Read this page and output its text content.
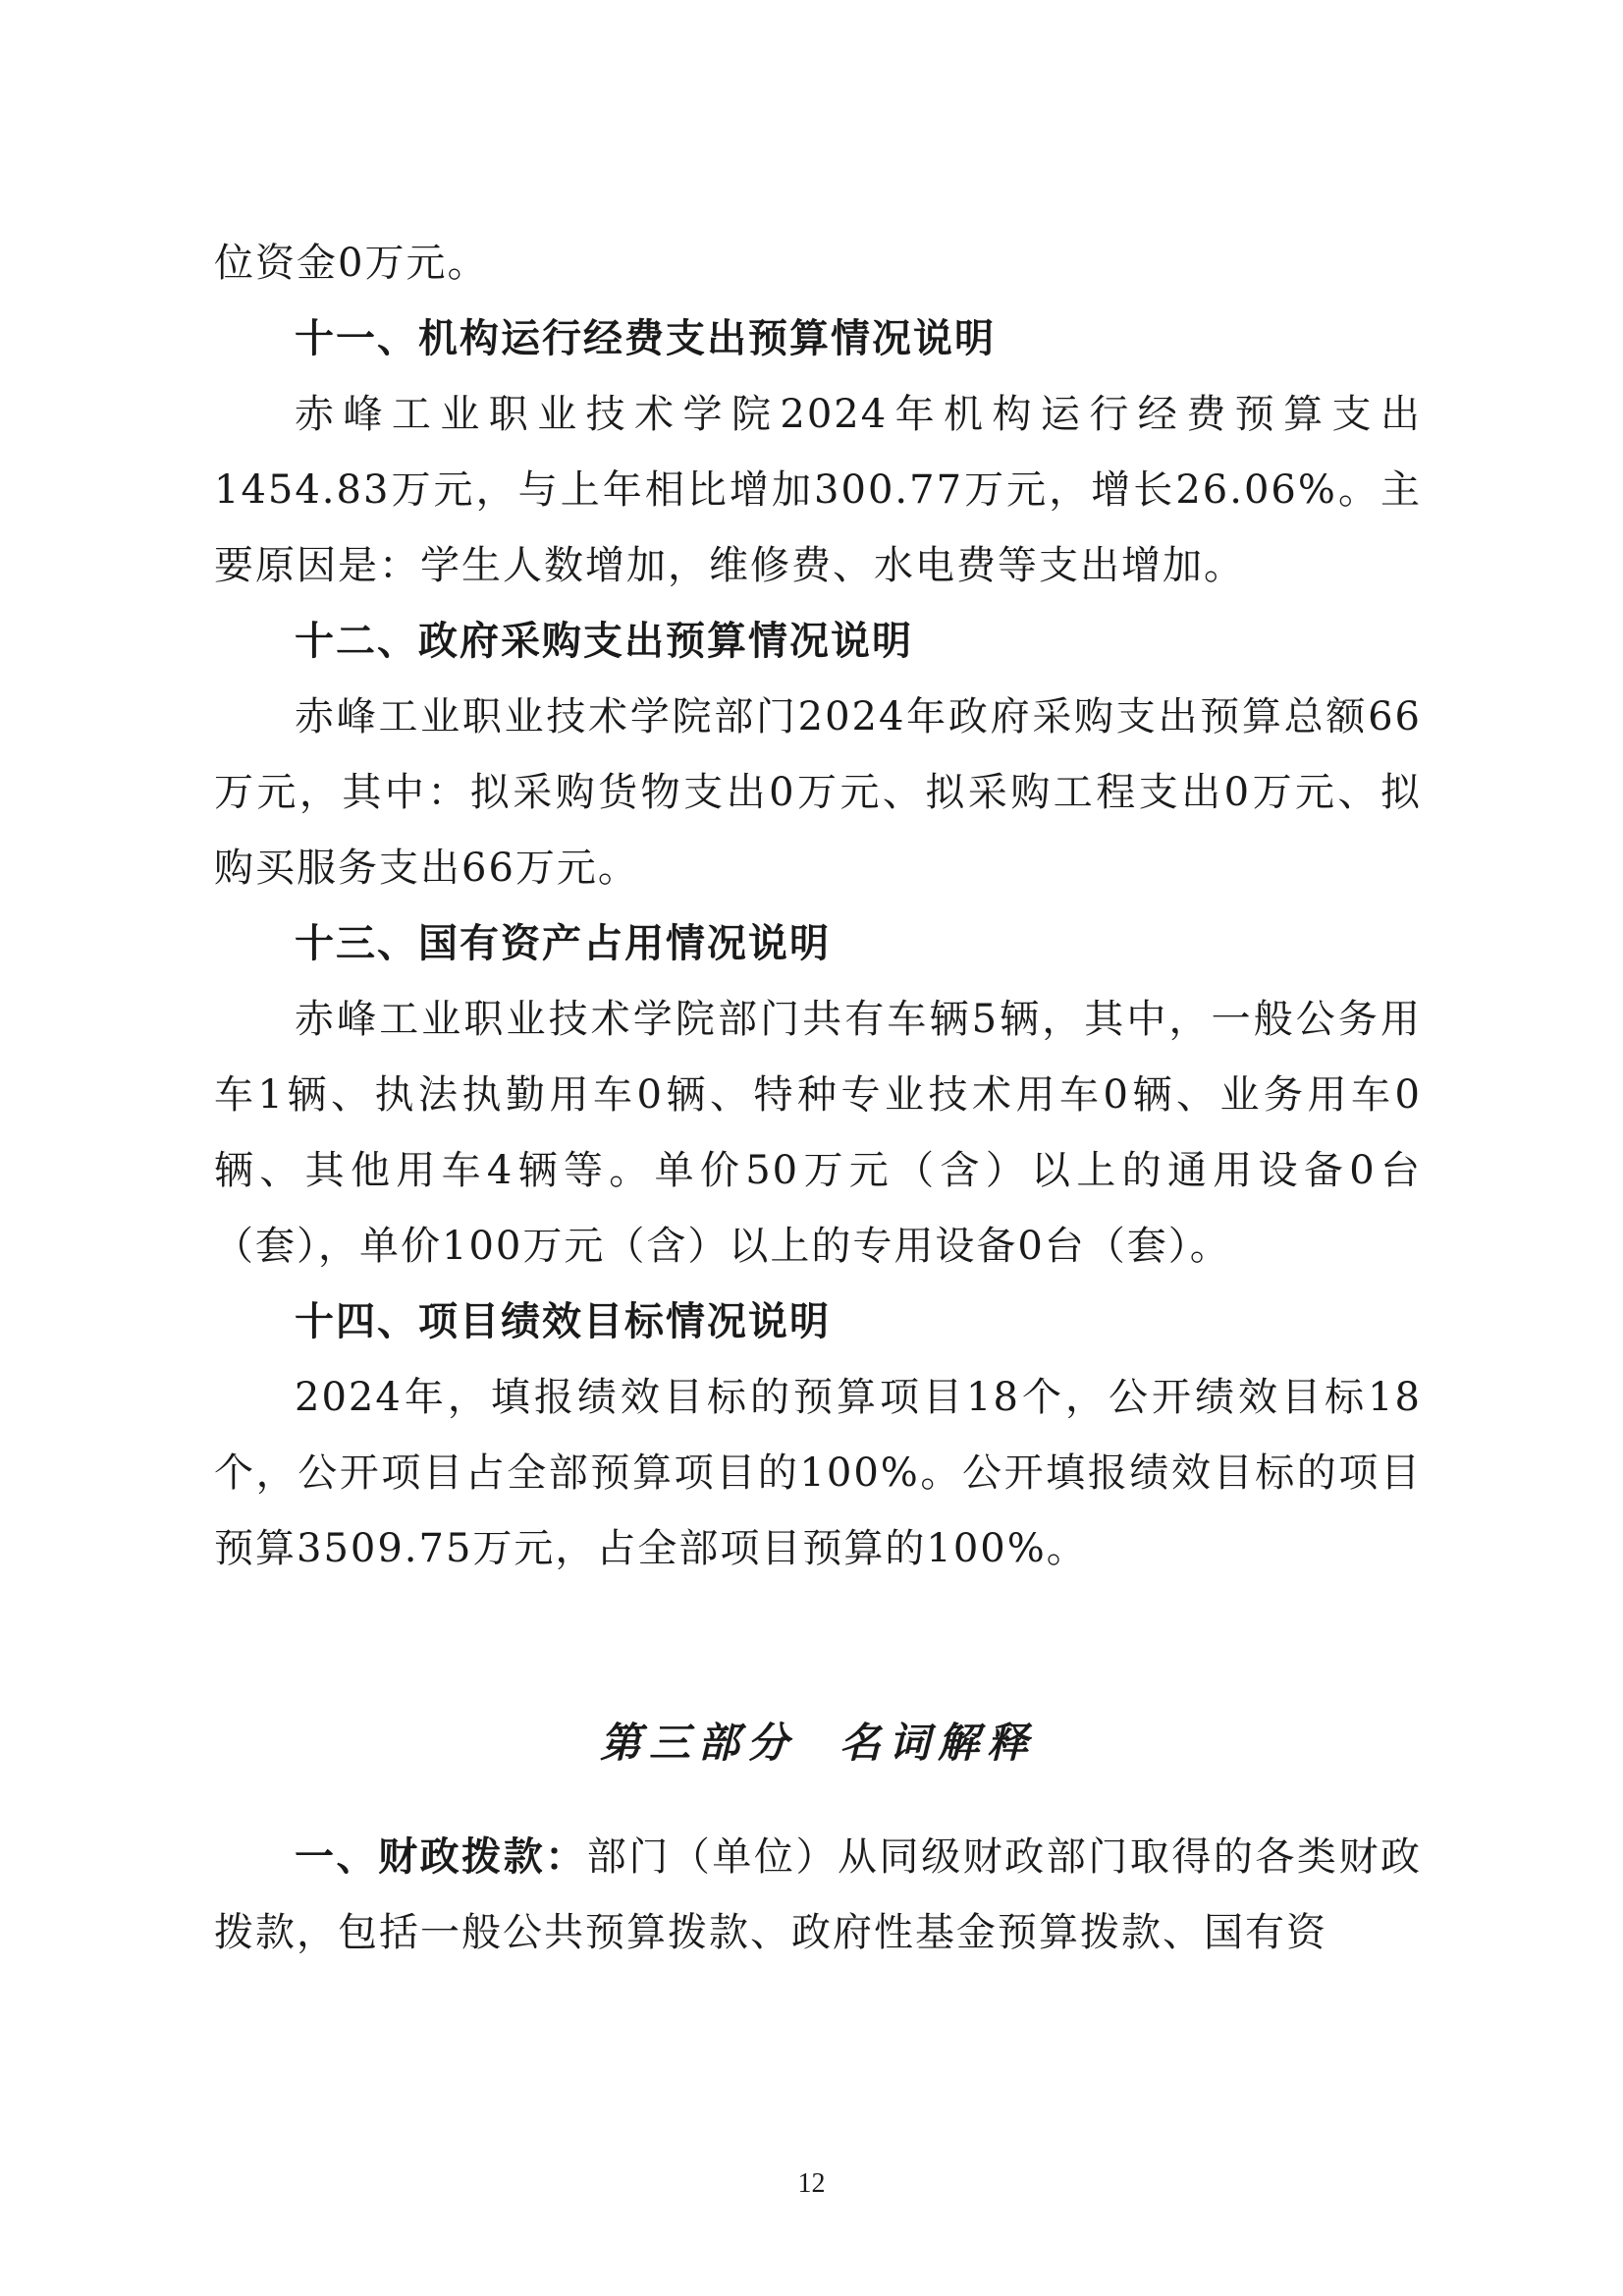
位资金0万元。

十一、机构运行经费支出预算情况说明

赤峰工业职业技术学院2024年机构运行经费预算支出1454.83万元，与上年相比增加300.77万元，增长26.06%。主要原因是：学生人数增加，维修费、水电费等支出增加。

十二、政府采购支出预算情况说明

赤峰工业职业技术学院部门2024年政府采购支出预算总额66万元，其中：拟采购货物支出0万元、拟采购工程支出0万元、拟购买服务支出66万元。

十三、国有资产占用情况说明

赤峰工业职业技术学院部门共有车辆5辆，其中，一般公务用车1辆、执法执勤用车0辆、特种专业技术用车0辆、业务用车0辆、其他用车4辆等。单价50万元（含）以上的通用设备0台（套），单价100万元（含）以上的专用设备0台（套）。

十四、项目绩效目标情况说明

2024年，填报绩效目标的预算项目18个，公开绩效目标18个，公开项目占全部预算项目的100%。公开填报绩效目标的项目预算3509.75万元，占全部项目预算的100%。

第三部分 名词解释

一、财政拨款：部门（单位）从同级财政部门取得的各类财政拨款，包括一般公共预算拨款、政府性基金预算拨款、国有资

12
